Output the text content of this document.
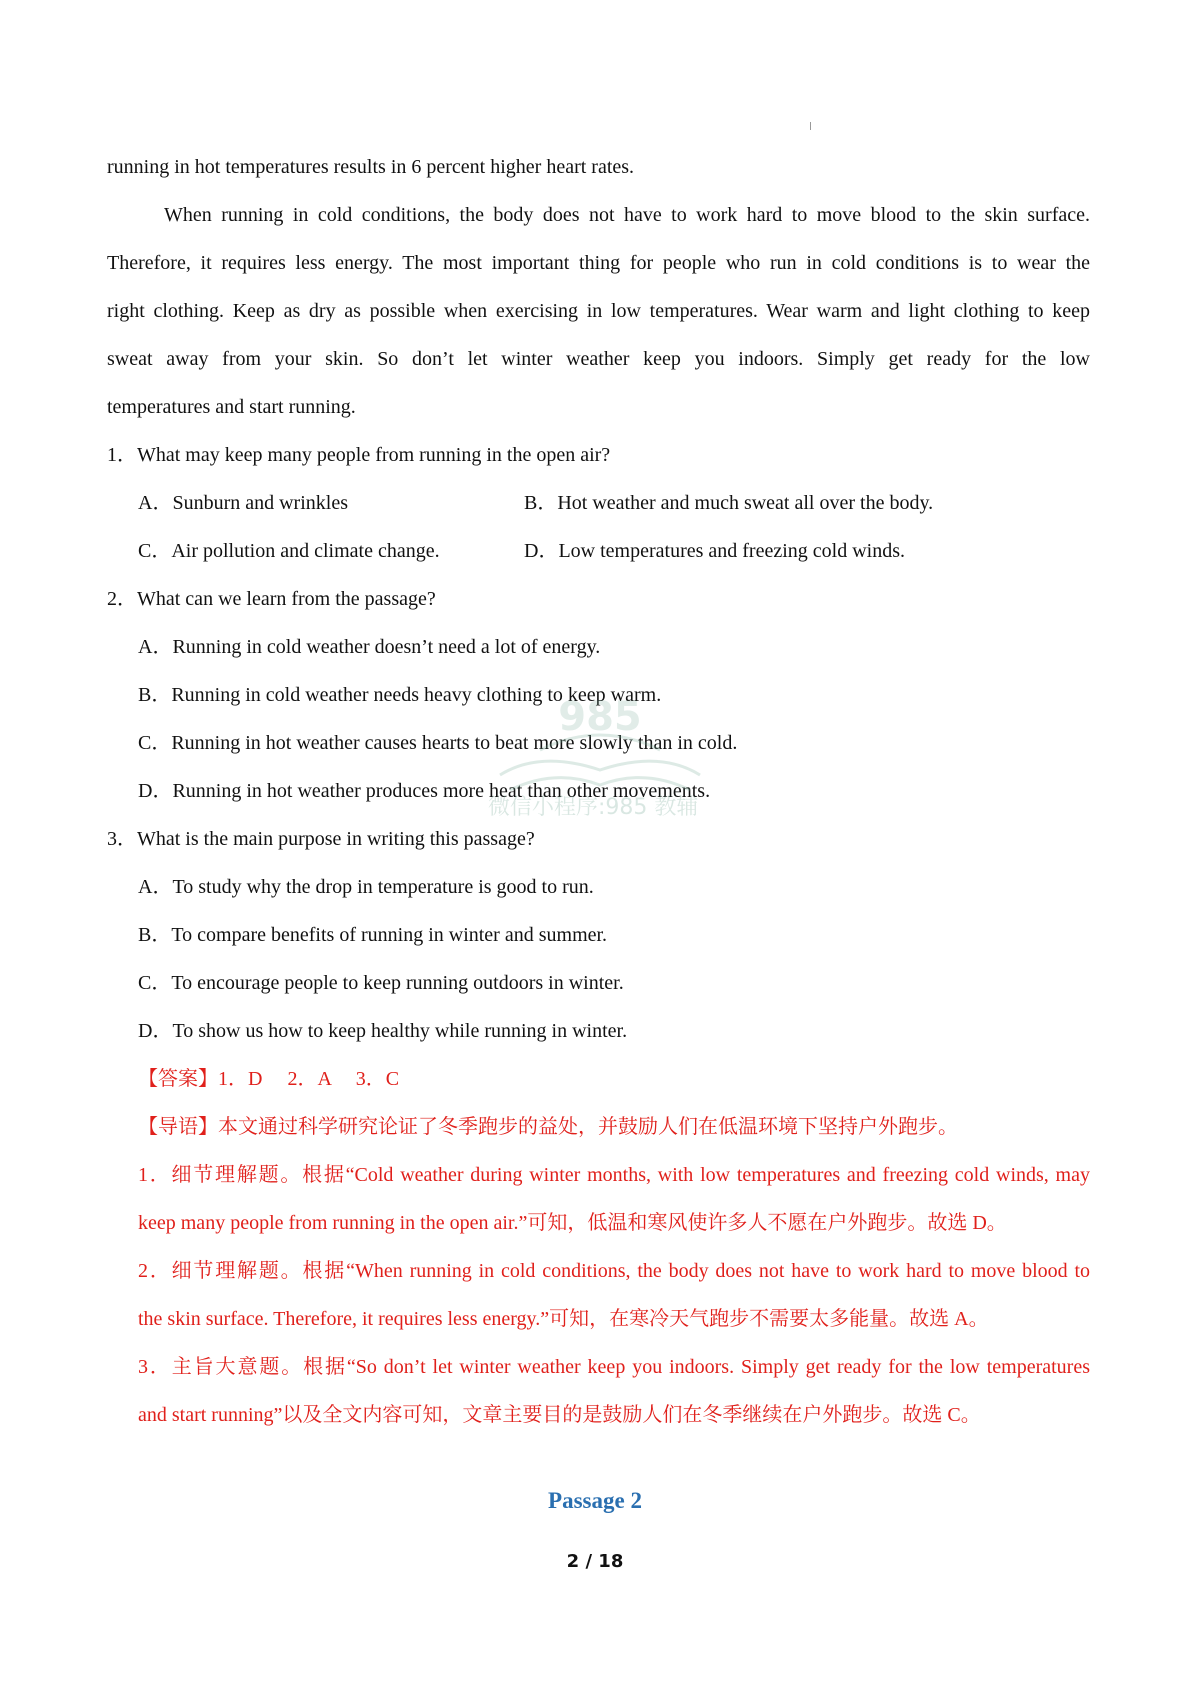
running in hot temperatures results in 6 percent higher heart rates.
When running in cold conditions, the body does not have to work hard to move blood to the skin surface.
Therefore, it requires less energy. The most important thing for people who run in cold conditions is to wear the
right clothing. Keep as dry as possible when exercising in low temperatures. Wear warm and light clothing to keep
sweat away from your skin. So don’t let winter weather keep you indoors. Simply get ready for the low
temperatures and start running.
1．What may keep many people from running in the open air?
A．Sunburn and wrinkles	B．Hot weather and much sweat all over the body.
C．Air pollution and climate change.	D．Low temperatures and freezing cold winds.
2．What can we learn from the passage?
A．Running in cold weather doesn’t need a lot of energy.
B．Running in cold weather needs heavy clothing to keep warm.
C．Running in hot weather causes hearts to beat more slowly than in cold.
D．Running in hot weather produces more heat than other movements.
3．What is the main purpose in writing this passage?
A．To study why the drop in temperature is good to run.
B．To compare benefits of running in winter and summer.
C．To encourage people to keep running outdoors in winter.
D．To show us how to keep healthy while running in winter.
【答案】1．D     2．A     3．C
【导语】本文通过科学研究论证了冬季跑步的益处，并鼓励人们在低温环境下坚持户外跑步。
1．细节理解题。根据“Cold weather during winter months, with low temperatures and freezing cold winds, may
keep many people from running in the open air.”可知，低温和寒风使许多人不愿在户外跑步。故选 D。
2．细节理解题。根据“When running in cold conditions, the body does not have to work hard to move blood to
the skin surface. Therefore, it requires less energy.”可知，在寒冷天气跑步不需要太多能量。故选 A。
3．主旨大意题。根据“So don’t let winter weather keep you indoors. Simply get ready for the low temperatures
and start running”以及全文内容可知，文章主要目的是鼓励人们在冬季继续在户外跑步。故选 C。
985
微信小程序:985 教辅
Passage 2
2 / 18
